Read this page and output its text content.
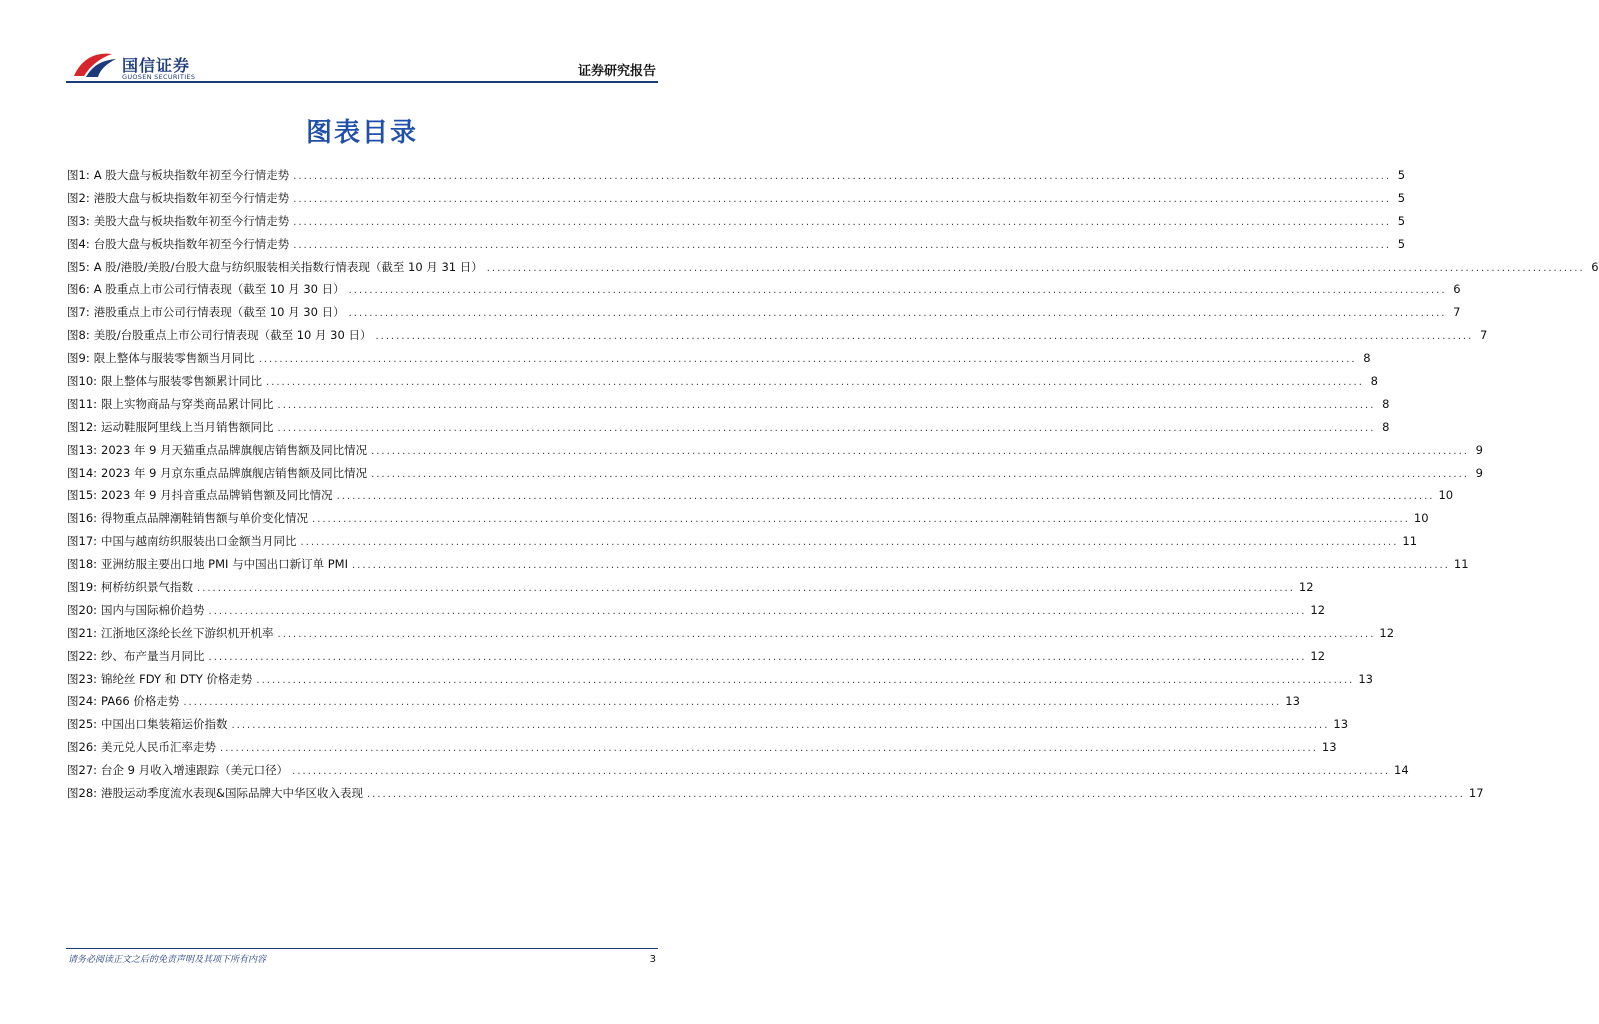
国信证券
GUOSEN SECURITIES	证券研究报告
图表目录
图1: A 股大盘与板块指数年初至今行情走势 .....	5
图2: 港股大盘与板块指数年初至今行情走势 .....	5
图3: 美股大盘与板块指数年初至今行情走势 .....	5
图4: 台股大盘与板块指数年初至今行情走势 .....	5
图5: A 股/港股/美股/台股大盘与纺织服装相关指数行情表现（截至 10 月 31 日） .....	6
图6: A 股重点上市公司行情表现（截至 10 月 30 日） .....	6
图7: 港股重点上市公司行情表现（截至 10 月 30 日） .....	7
图8: 美股/台股重点上市公司行情表现（截至 10 月 30 日） .....	7
图9: 限上整体与服装零售额当月同比 .....	8
图10: 限上整体与服装零售额累计同比 .....	8
图11: 限上实物商品与穿类商品累计同比 .....	8
图12: 运动鞋服阿里线上当月销售额同比 .....	8
图13: 2023 年 9 月天猫重点品牌旗舰店销售额及同比情况 .....	9
图14: 2023 年 9 月京东重点品牌旗舰店销售额及同比情况 .....	9
图15: 2023 年 9 月抖音重点品牌销售额及同比情况 .....	10
图16: 得物重点品牌潮鞋销售额与单价变化情况 .....	10
图17: 中国与越南纺织服装出口金额当月同比 .....	11
图18: 亚洲纺服主要出口地 PMI 与中国出口新订单 PMI .....	11
图19: 柯桥纺织景气指数 .....	12
图20: 国内与国际棉价趋势 .....	12
图21: 江浙地区涤纶长丝下游织机开机率 .....	12
图22: 纱、布产量当月同比 .....	12
图23: 锦纶丝 FDY 和 DTY 价格走势 .....	13
图24: PA66 价格走势 .....	13
图25: 中国出口集装箱运价指数 .....	13
图26: 美元兑人民币汇率走势 .....	13
图27: 台企 9 月收入增速跟踪（美元口径） .....	14
图28: 港股运动季度流水表现&国际品牌大中华区收入表现 .....	17
请务必阅读正文之后的免责声明及其项下所有内容	3
